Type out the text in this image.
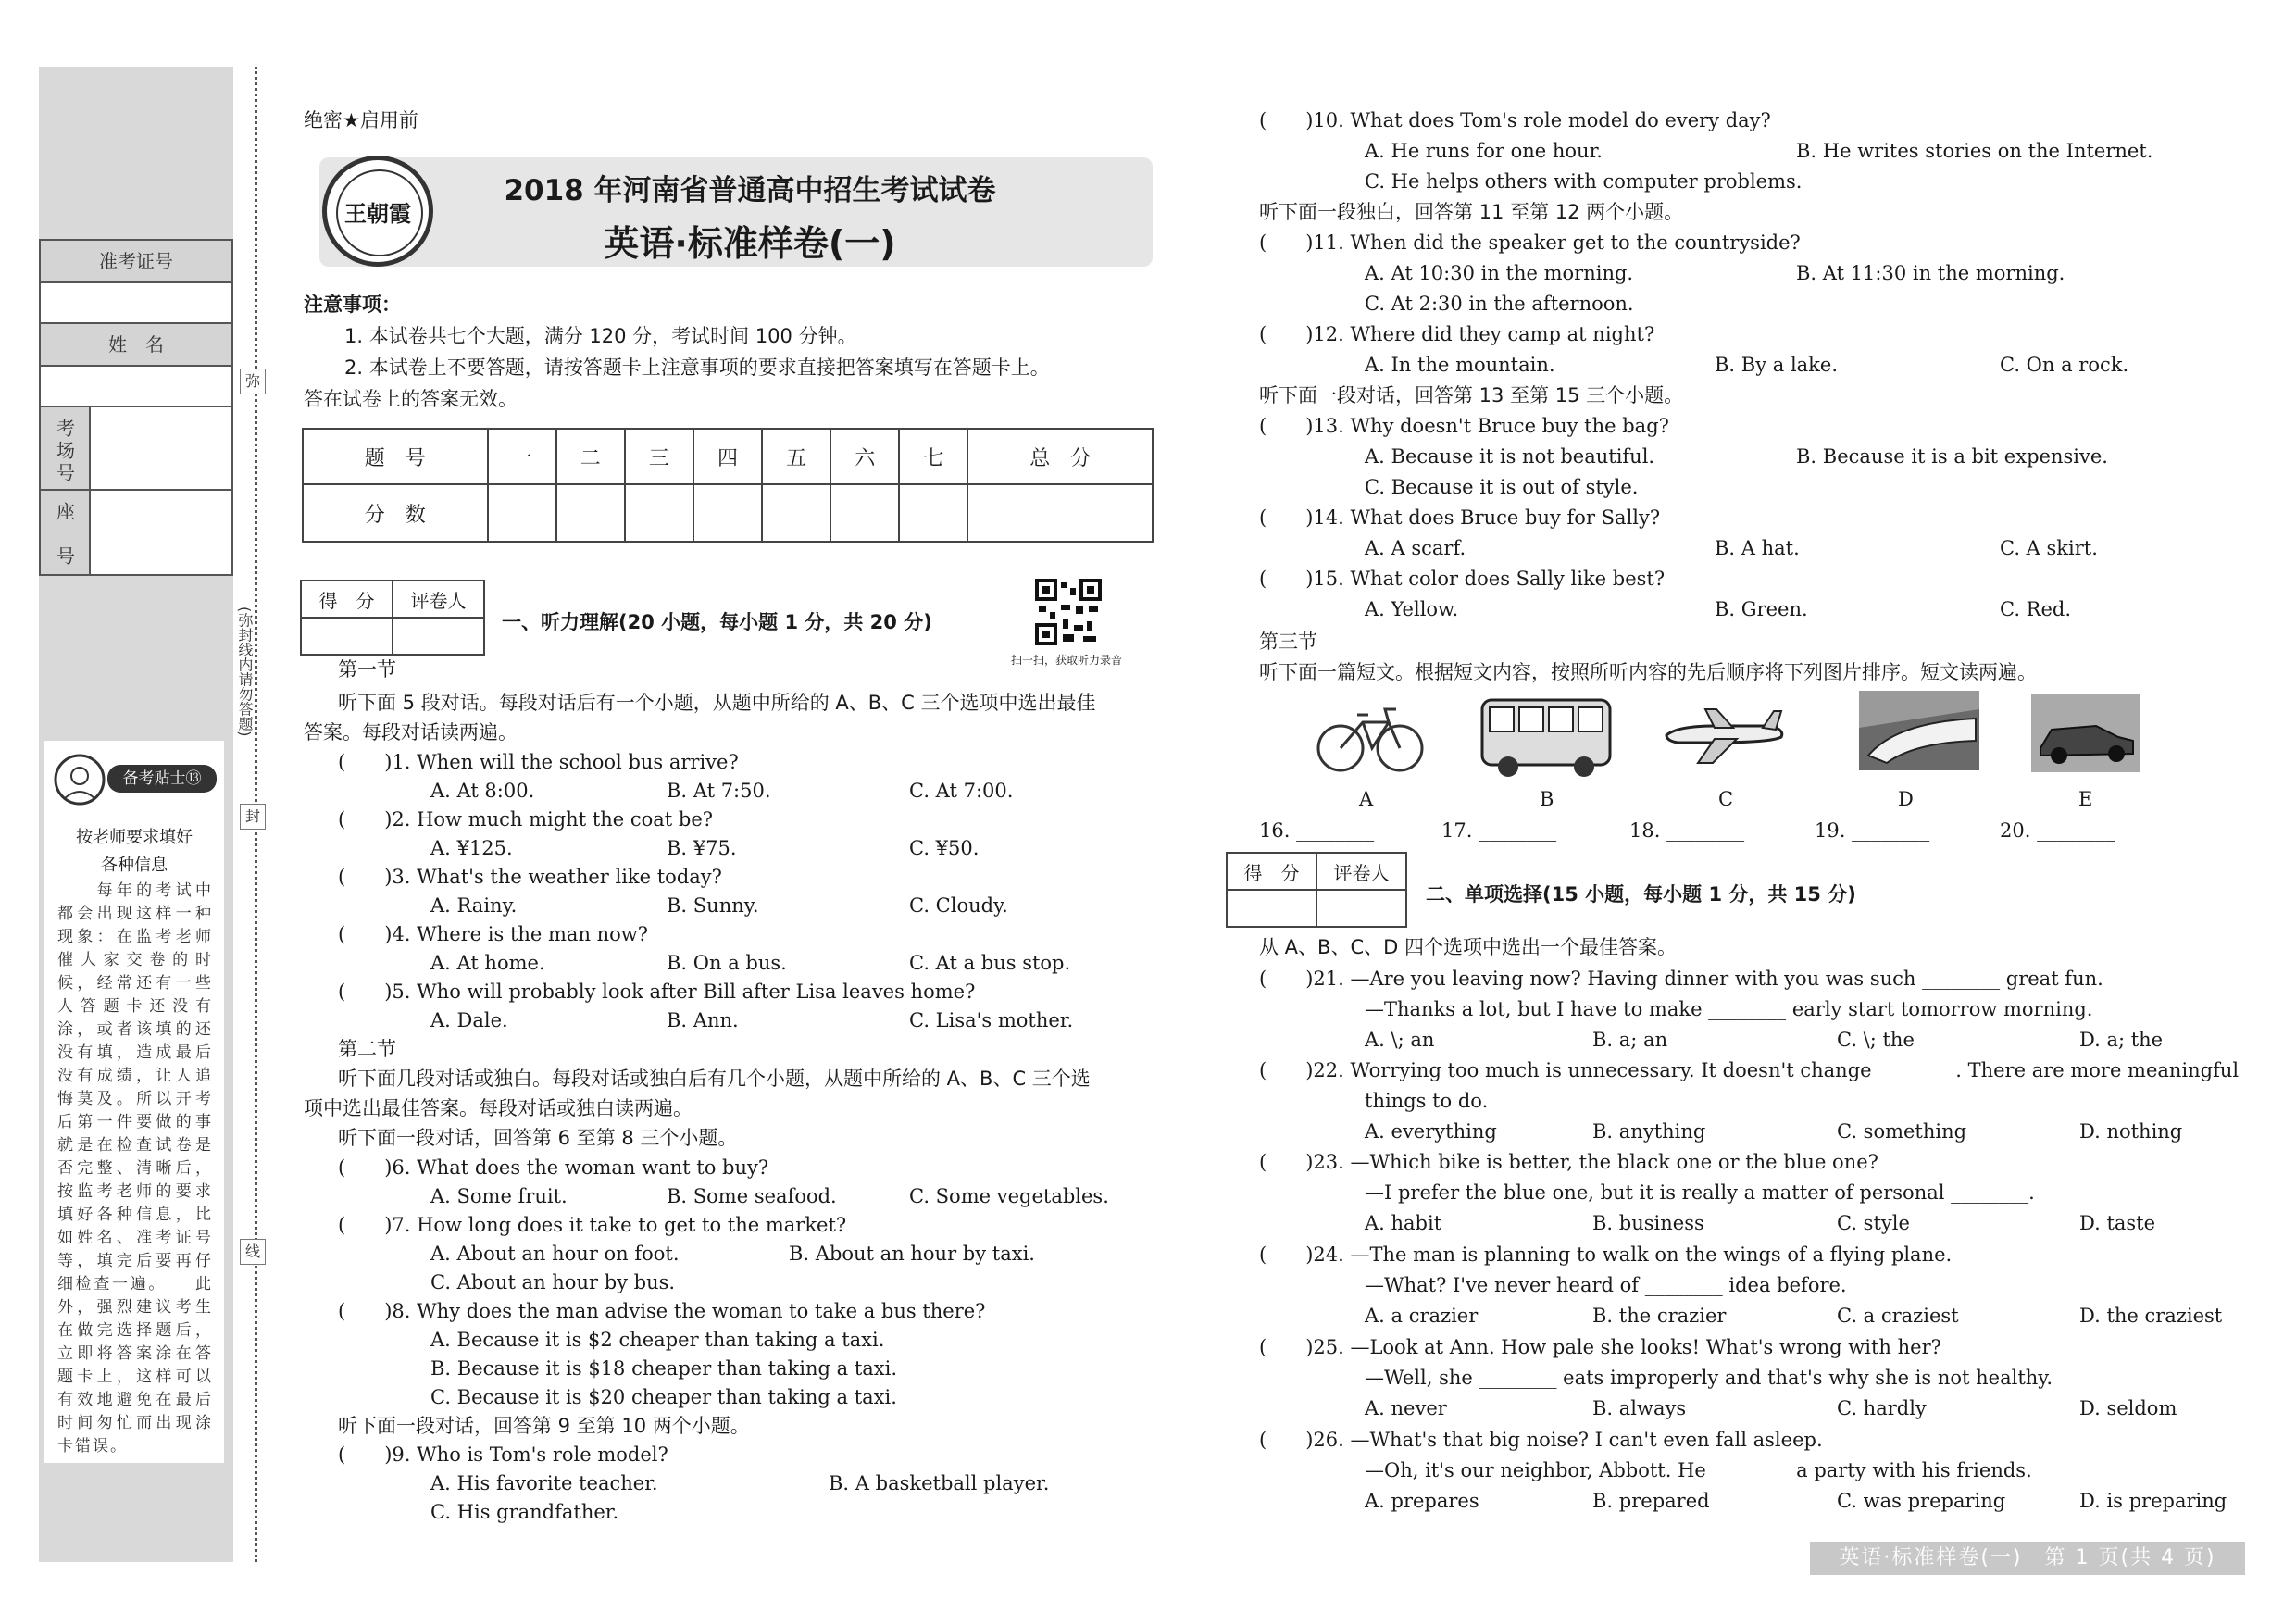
准考证号
姓　名
考场号
座　号
弥
封
线
(弥封线内请勿答题)
备考贴士⑬
按老师要求填好
各种信息
　　每年的考试中都会出现这样一种现象：在监考老师催大家交卷的时候，经常还有一些人答题卡还没有涂，或者该填的还没有填，造成最后没有成绩，让人追悔莫及。所以开考后第一件要做的事就是在检查试卷是否完整、清晰后，按监考老师的要求填好各种信息，比如姓名、准考证号等，填完后要再仔细检查一遍。　　此外，强烈建议考生在做完选择题后，立即将答案涂在答题卡上，这样可以有效地避免在最后时间匆忙而出现涂卡错误。
绝密★启用前
王朝霞
2018 年河南省普通高中招生考试试卷
英语·标准样卷(一)
注意事项：
1. 本试卷共七个大题，满分 120 分，考试时间 100 分钟。
2. 本试卷上不要答题，请按答题卡上注意事项的要求直接把答案填写在答题卡上。
答在试卷上的答案无效。
题　号	一	二	三	四	五	六	七	总　分
分　数								
得　分	评卷人

一、听力理解(20 小题，每小题 1 分，共 20 分)
扫一扫，获取听力录音
第一节
听下面 5 段对话。每段对话后有一个小题，从题中所给的 A、B、C 三个选项中选出最佳
答案。每段对话读两遍。
(　　)1. When will the school bus arrive?
A. At 8:00.	B. At 7:50.	C. At 7:00.
(　　)2. How much might the coat be?
A. ¥125.	B. ¥75.	C. ¥50.
(　　)3. What's the weather like today?
A. Rainy.	B. Sunny.	C. Cloudy.
(　　)4. Where is the man now?
A. At home.	B. On a bus.	C. At a bus stop.
(　　)5. Who will probably look after Bill after Lisa leaves home?
A. Dale.	B. Ann.	C. Lisa's mother.
第二节
听下面几段对话或独白。每段对话或独白后有几个小题，从题中所给的 A、B、C 三个选
项中选出最佳答案。每段对话或独白读两遍。
听下面一段对话，回答第 6 至第 8 三个小题。
(　　)6. What does the woman want to buy?
A. Some fruit.	B. Some seafood.	C. Some vegetables.
(　　)7. How long does it take to get to the market?
A. About an hour on foot.	B. About an hour by taxi.
C. About an hour by bus.
(　　)8. Why does the man advise the woman to take a bus there?
A. Because it is $2 cheaper than taking a taxi.
B. Because it is $18 cheaper than taking a taxi.
C. Because it is $20 cheaper than taking a taxi.
听下面一段对话，回答第 9 至第 10 两个小题。
(　　)9. Who is Tom's role model?
A. His favorite teacher.	B. A basketball player.
C. His grandfather.
(　　)10. What does Tom's role model do every day?
A. He runs for one hour.	B. He writes stories on the Internet.
C. He helps others with computer problems.
听下面一段独白，回答第 11 至第 12 两个小题。
(　　)11. When did the speaker get to the countryside?
A. At 10:30 in the morning.	B. At 11:30 in the morning.
C. At 2:30 in the afternoon.
(　　)12. Where did they camp at night?
A. In the mountain.	B. By a lake.	C. On a rock.
听下面一段对话，回答第 13 至第 15 三个小题。
(　　)13. Why doesn't Bruce buy the bag?
A. Because it is not beautiful.	B. Because it is a bit expensive.
C. Because it is out of style.
(　　)14. What does Bruce buy for Sally?
A. A scarf.	B. A hat.	C. A skirt.
(　　)15. What color does Sally like best?
A. Yellow.	B. Green.	C. Red.
第三节
听下面一篇短文。根据短文内容，按照所听内容的先后顺序将下列图片排序。短文读两遍。
A	B	C	D	E
16. ________	17. ________	18. ________	19. ________	20. ________
得　分	评卷人

二、单项选择(15 小题，每小题 1 分，共 15 分)
从 A、B、C、D 四个选项中选出一个最佳答案。
(　　)21. —Are you leaving now? Having dinner with you was such ________ great fun.
—Thanks a lot, but I have to make ________ early start tomorrow morning.
A. \; an	B. a; an	C. \; the	D. a; the
(　　)22. Worrying too much is unnecessary. It doesn't change ________. There are more meaningful
things to do.
A. everything	B. anything	C. something	D. nothing
(　　)23. —Which bike is better, the black one or the blue one?
—I prefer the blue one, but it is really a matter of personal ________.
A. habit	B. business	C. style	D. taste
(　　)24. —The man is planning to walk on the wings of a flying plane.
—What? I've never heard of ________ idea before.
A. a crazier	B. the crazier	C. a craziest	D. the craziest
(　　)25. —Look at Ann. How pale she looks! What's wrong with her?
—Well, she ________ eats improperly and that's why she is not healthy.
A. never	B. always	C. hardly	D. seldom
(　　)26. —What's that big noise? I can't even fall asleep.
—Oh, it's our neighbor, Abbott. He ________ a party with his friends.
A. prepares	B. prepared	C. was preparing	D. is preparing
英语·标准样卷(一)　第 1 页(共 4 页)
